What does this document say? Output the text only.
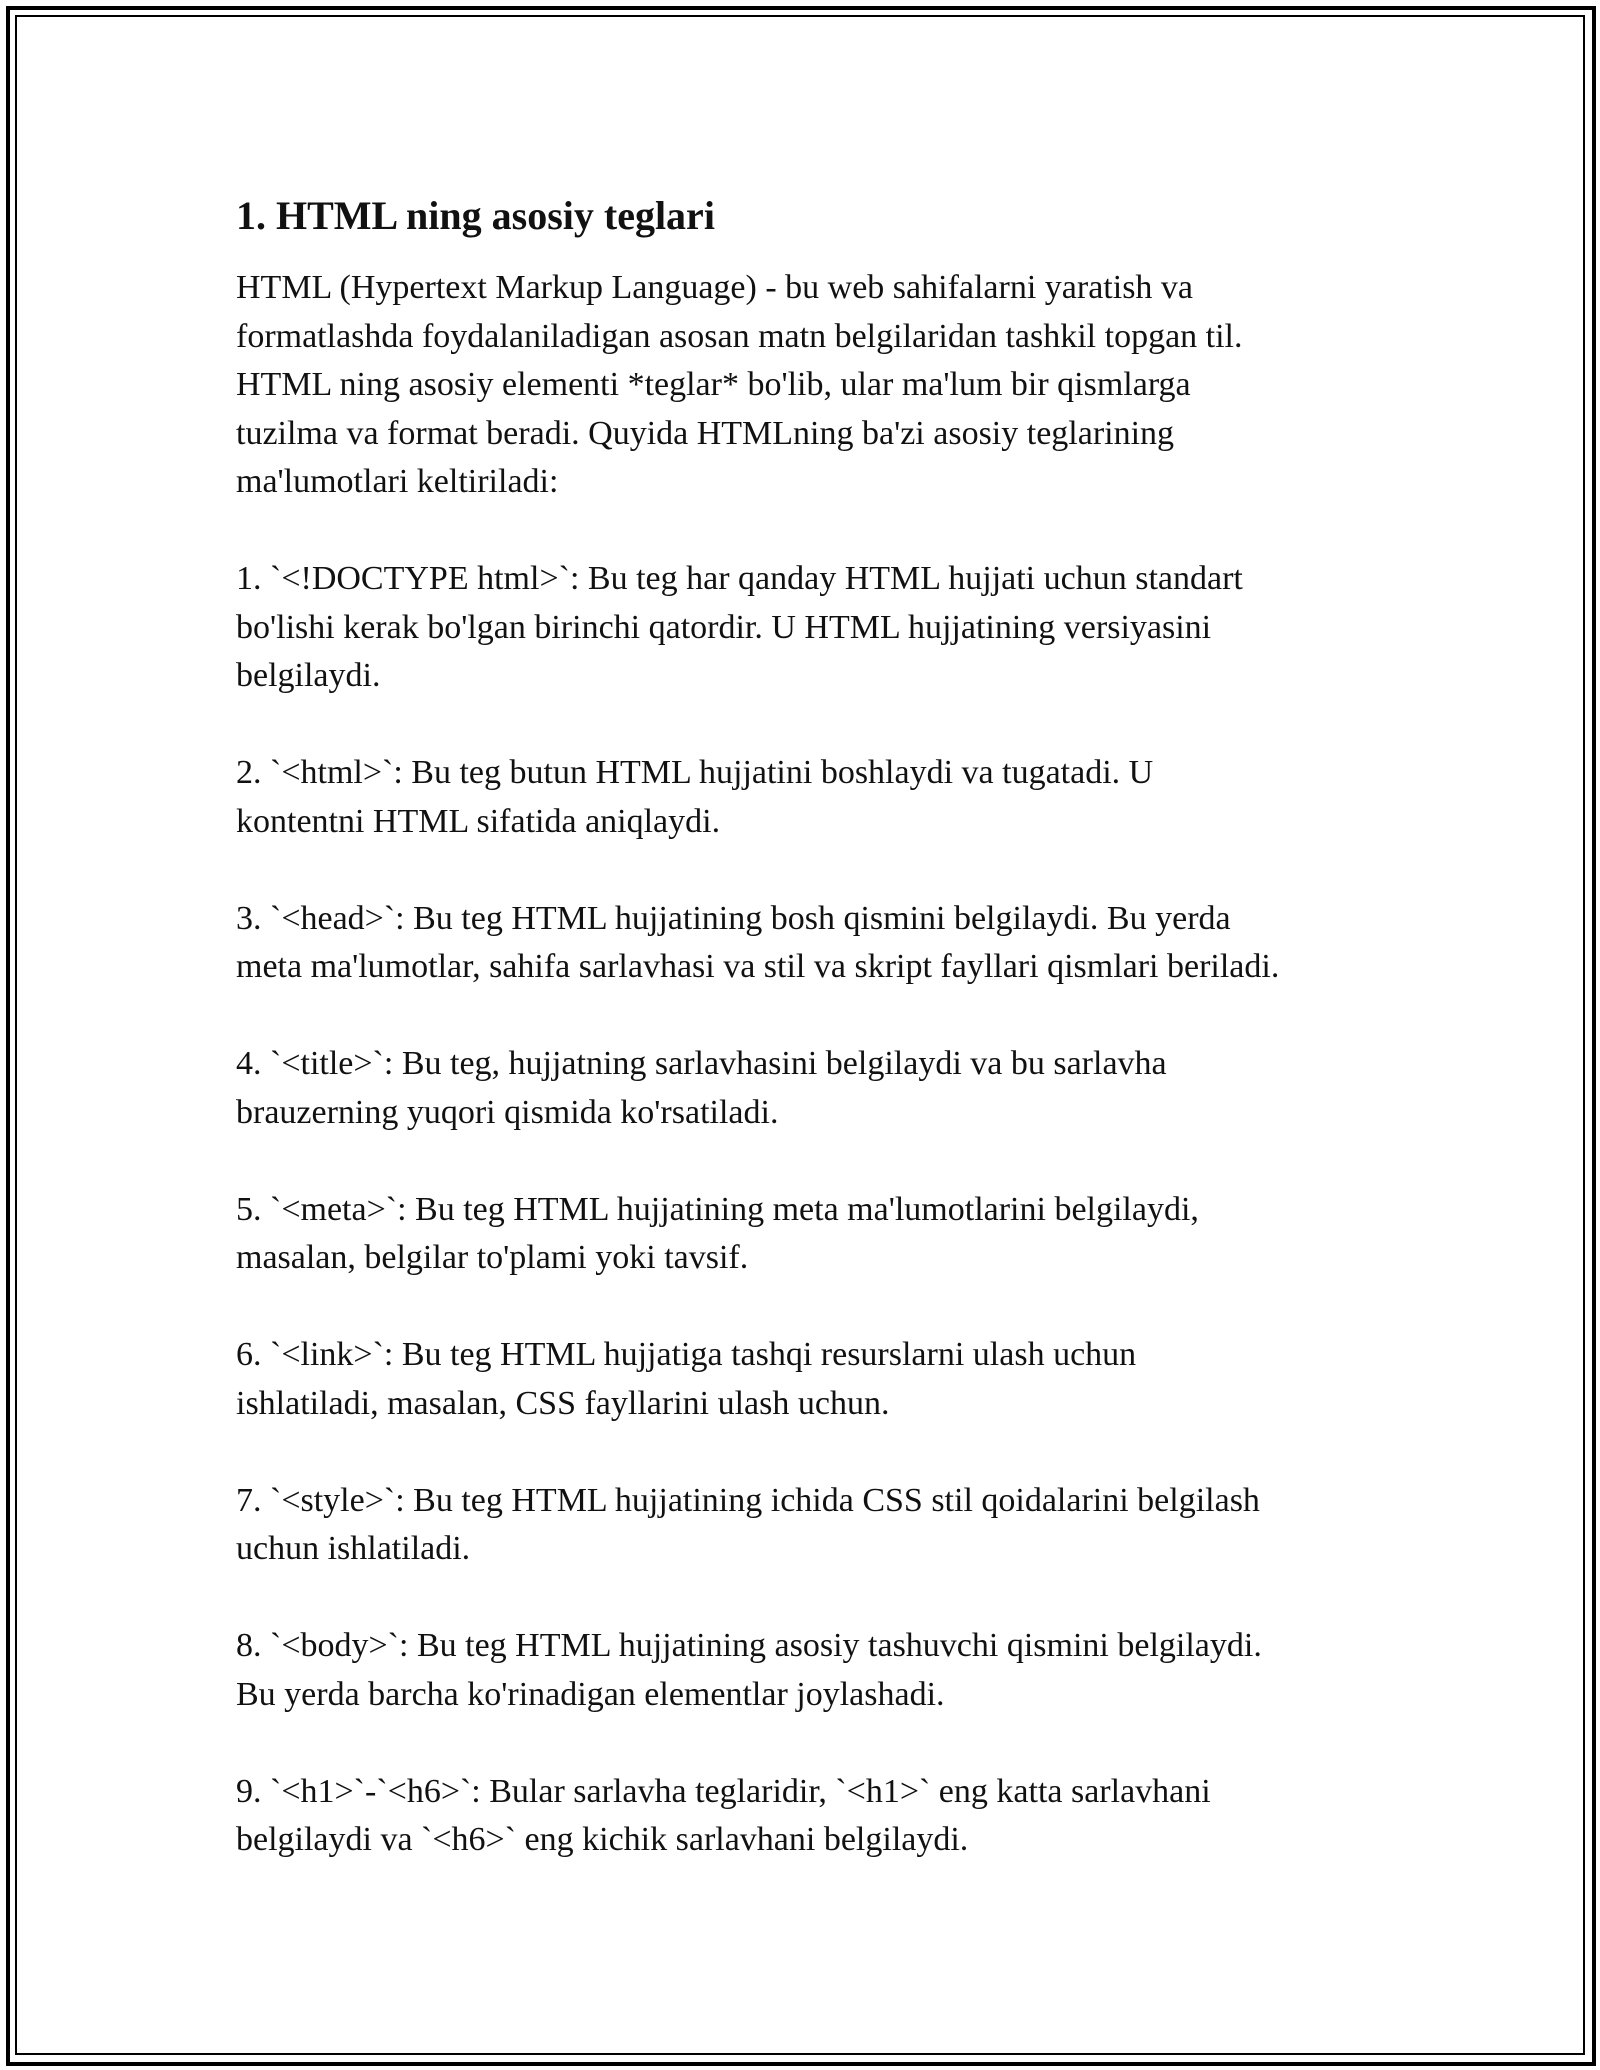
1. HTML ning asosiy teglari

HTML (Hypertext Markup Language) - bu web sahifalarni yaratish va
formatlashda foydalaniladigan asosan matn belgilaridan tashkil topgan til.
HTML ning asosiy elementi *teglar* bo'lib, ular ma'lum bir qismlarga
tuzilma va format beradi. Quyida HTMLning ba'zi asosiy teglarining
ma'lumotlari keltiriladi:

1. `<!DOCTYPE html>`: Bu teg har qanday HTML hujjati uchun standart
bo'lishi kerak bo'lgan birinchi qatordir. U HTML hujjatining versiyasini
belgilaydi.

2. `<html>`: Bu teg butun HTML hujjatini boshlaydi va tugatadi. U
kontentni HTML sifatida aniqlaydi.

3. `<head>`: Bu teg HTML hujjatining bosh qismini belgilaydi. Bu yerda
meta ma'lumotlar, sahifa sarlavhasi va stil va skript fayllari qismlari beriladi.

4. `<title>`: Bu teg, hujjatning sarlavhasini belgilaydi va bu sarlavha
brauzerning yuqori qismida ko'rsatiladi.

5. `<meta>`: Bu teg HTML hujjatining meta ma'lumotlarini belgilaydi,
masalan, belgilar to'plami yoki tavsif.

6. `<link>`: Bu teg HTML hujjatiga tashqi resurslarni ulash uchun
ishlatiladi, masalan, CSS fayllarini ulash uchun.

7. `<style>`: Bu teg HTML hujjatining ichida CSS stil qoidalarini belgilash
uchun ishlatiladi.

8. `<body>`: Bu teg HTML hujjatining asosiy tashuvchi qismini belgilaydi.
Bu yerda barcha ko'rinadigan elementlar joylashadi.

9. `<h1>`-`<h6>`: Bular sarlavha teglaridir, `<h1>` eng katta sarlavhani
belgilaydi va `<h6>` eng kichik sarlavhani belgilaydi.
